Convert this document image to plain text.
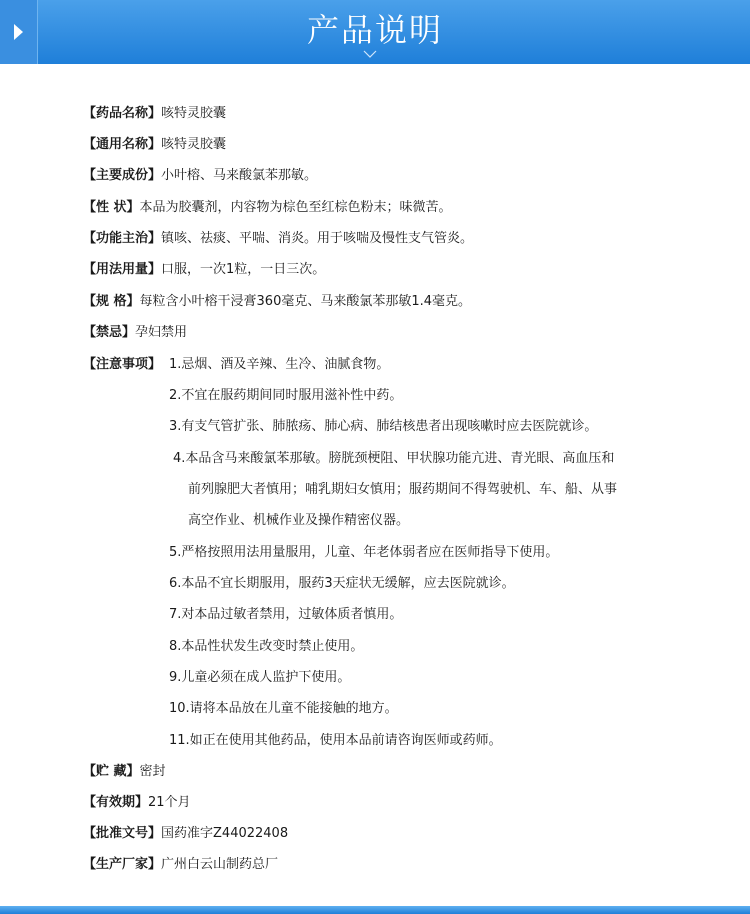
产品说明
【药品名称】咳特灵胶囊
【通用名称】咳特灵胶囊
【主要成份】小叶榕、马来酸氯苯那敏。
【性 状】本品为胶囊剂，内容物为棕色至红棕色粉末；味微苦。
【功能主治】镇咳、祛痰、平喘、消炎。用于咳喘及慢性支气管炎。
【用法用量】口服，一次1粒，一日三次。
【规 格】每粒含小叶榕干浸膏360毫克、马来酸氯苯那敏1.4毫克。
【禁忌】孕妇禁用
【注意事项】 1.忌烟、酒及辛辣、生冷、油腻食物。
2.不宜在服药期间同时服用滋补性中药。
3.有支气管扩张、肺脓疡、肺心病、肺结核患者出现咳嗽时应去医院就诊。
4.本品含马来酸氯苯那敏。膀胱颈梗阻、甲状腺功能亢进、青光眼、高血压和
前列腺肥大者慎用；哺乳期妇女慎用；服药期间不得驾驶机、车、船、从事
高空作业、机械作业及操作精密仪器。
5.严格按照用法用量服用，儿童、年老体弱者应在医师指导下使用。
6.本品不宜长期服用，服药3天症状无缓解，应去医院就诊。
7.对本品过敏者禁用，过敏体质者慎用。
8.本品性状发生改变时禁止使用。
9.儿童必须在成人监护下使用。
10.请将本品放在儿童不能接触的地方。
11.如正在使用其他药品，使用本品前请咨询医师或药师。
【贮 藏】密封
【有效期】21个月
【批准文号】国药准字Z44022408
【生产厂家】广州白云山制药总厂
